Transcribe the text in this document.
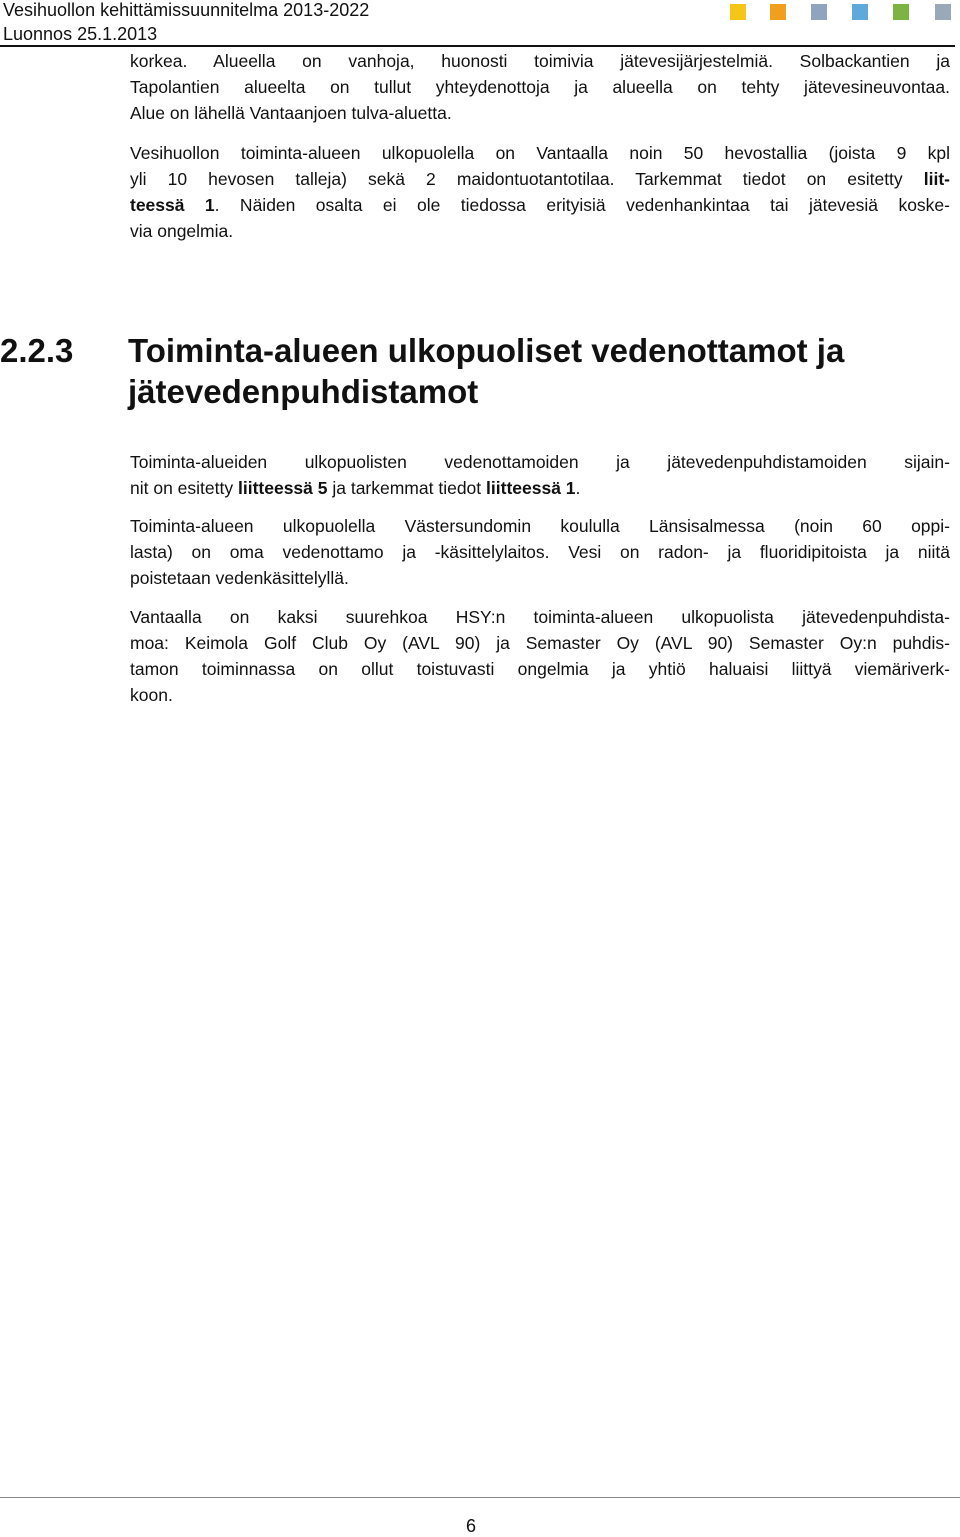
Vesihuollon kehittämissuunnitelma 2013-2022
Luonnos 25.1.2013
korkea. Alueella on vanhoja, huonosti toimivia jätevesijärjestelmiä. Solbackantien ja
Tapolantien alueelta on tullut yhteydenottoja ja alueella on tehty jätevesineuvontaa.
Alue on lähellä Vantaanjoen tulva-aluetta.
Vesihuollon toiminta-alueen ulkopuolella on Vantaalla noin 50 hevostallia (joista 9 kpl
yli 10 hevosen talleja) sekä 2 maidontuotantotilaa. Tarkemmat tiedot on esitetty liit-
teessä 1. Näiden osalta ei ole tiedossa erityisiä vedenhankintaa tai jätevesiä koske-
via ongelmia.
2.2.3 Toiminta-alueen ulkopuoliset vedenottamot ja
jätevedenpuhdistamot
Toiminta-alueiden ulkopuolisten vedenottamoiden ja jätevedenpuhdistamoiden sijain-
nit on esitetty liitteessä 5 ja tarkemmat tiedot liitteessä 1.
Toiminta-alueen ulkopuolella Västersundomin koululla Länsisalmessa (noin 60 oppi-
lasta) on oma vedenottamo ja -käsittelylaitos. Vesi on radon- ja fluoridipitoista ja niitä
poistetaan vedenkäsittelyllä.
Vantaalla on kaksi suurehkoa HSY:n toiminta-alueen ulkopuolista jätevedenpuhdista-
moa: Keimola Golf Club Oy (AVL 90) ja Semaster Oy (AVL 90) Semaster Oy:n puhdis-
tamon toiminnassa on ollut toistuvasti ongelmia ja yhtiö haluaisi liittyä viemäriverk-
koon.
6
